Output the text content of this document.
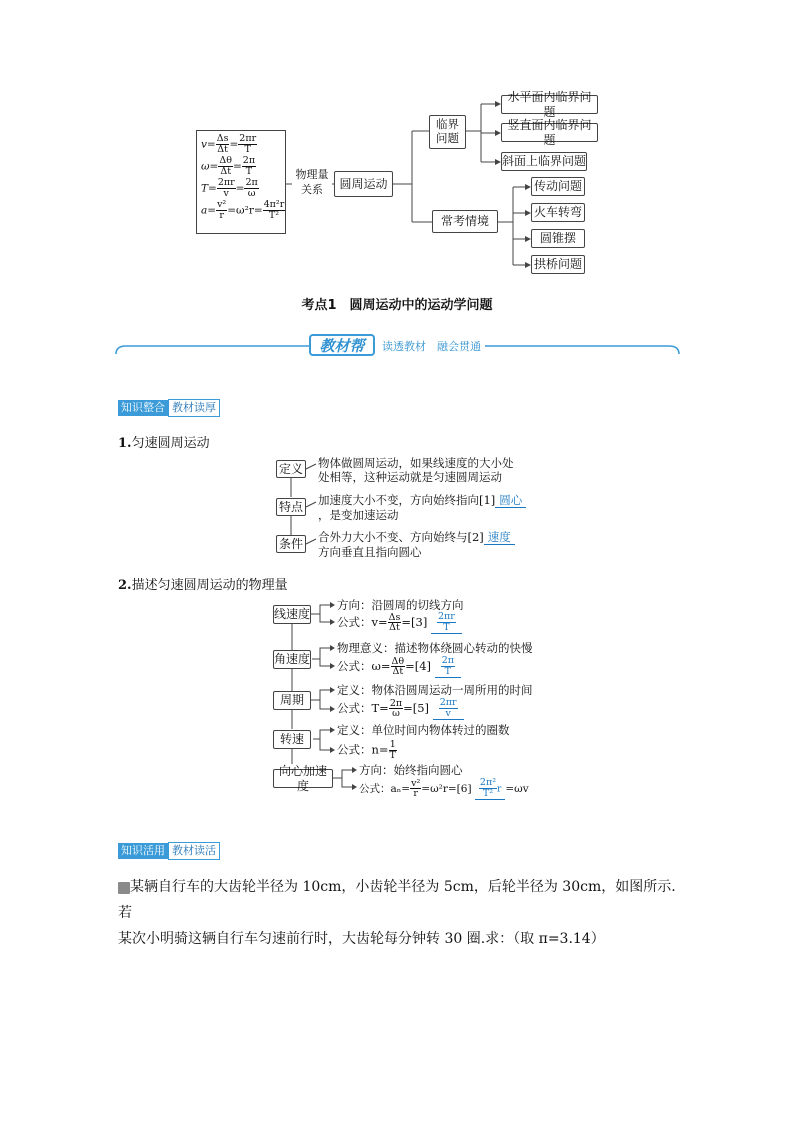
$v= \frac{\Delta s}{\Delta t} = \frac{2\pi r}{T}$
$\omega= \frac{\Delta\theta}{\Delta t} = \frac{2\pi}{T}$
$T= \frac{2\pi r}{v} = \frac{2\pi}{\omega}$
$a= \frac{\text{v²}}{r} =\omega^2r= \frac{\text{4π²r}}{\text{T²}}$
物理量
关系	圆周运动
临界
问题
水平面内临界问题
竖直面内临界问题
斜面上临界问题
常考情境
传动问题
火车转弯
圆锥摆
拱桥问题
考点1　圆周运动中的运动学问题
教材帮 读透教材　融会贯通
知识整合 教材读厚
1.匀速圆周运动
定义 物体做圆周运动，如果线速度的大小处处相等，这种运动就是匀速圆周运动
特点 加速度大小不变，方向始终指向[1] 圆心，是变加速运动
条件 合外力大小不变、方向始终与[2] 速度方向垂直且指向圆心
2.描述匀速圆周运动的物理量
线速度
方向：沿圆周的切线方向
公式：$v= \frac{\Delta s}{\Delta t} =[3] \frac{2\pi r}{T}$
角速度
物理意义：描述物体绕圆心转动的快慢
公式：$\omega= \frac{\Delta\theta}{\Delta t} =[4] \frac{2\pi}{T}$
周期
定义：物体沿圆周运动一周所用的时间
公式：$T= \frac{2\pi}{\omega} =[5] \frac{2\pi r}{v}$
转速
定义：单位时间内物体转过的圈数
公式：$n= \frac{1}{T}$
向心加速度
方向：始终指向圆心
公式：$a_n= \frac{\text{v²}}{r} =\omega^2r=[6] \frac{\text{2π²}}{\text{T²}}$ r =ωv
知识活用 教材读活
1 某辆自行车的大齿轮半径为 10cm，小齿轮半径为 5cm，后轮半径为 30cm，如图所示.若
某次小明骑这辆自行车匀速前行时，大齿轮每分钟转 30 圈.求：（取 π=3.14）
